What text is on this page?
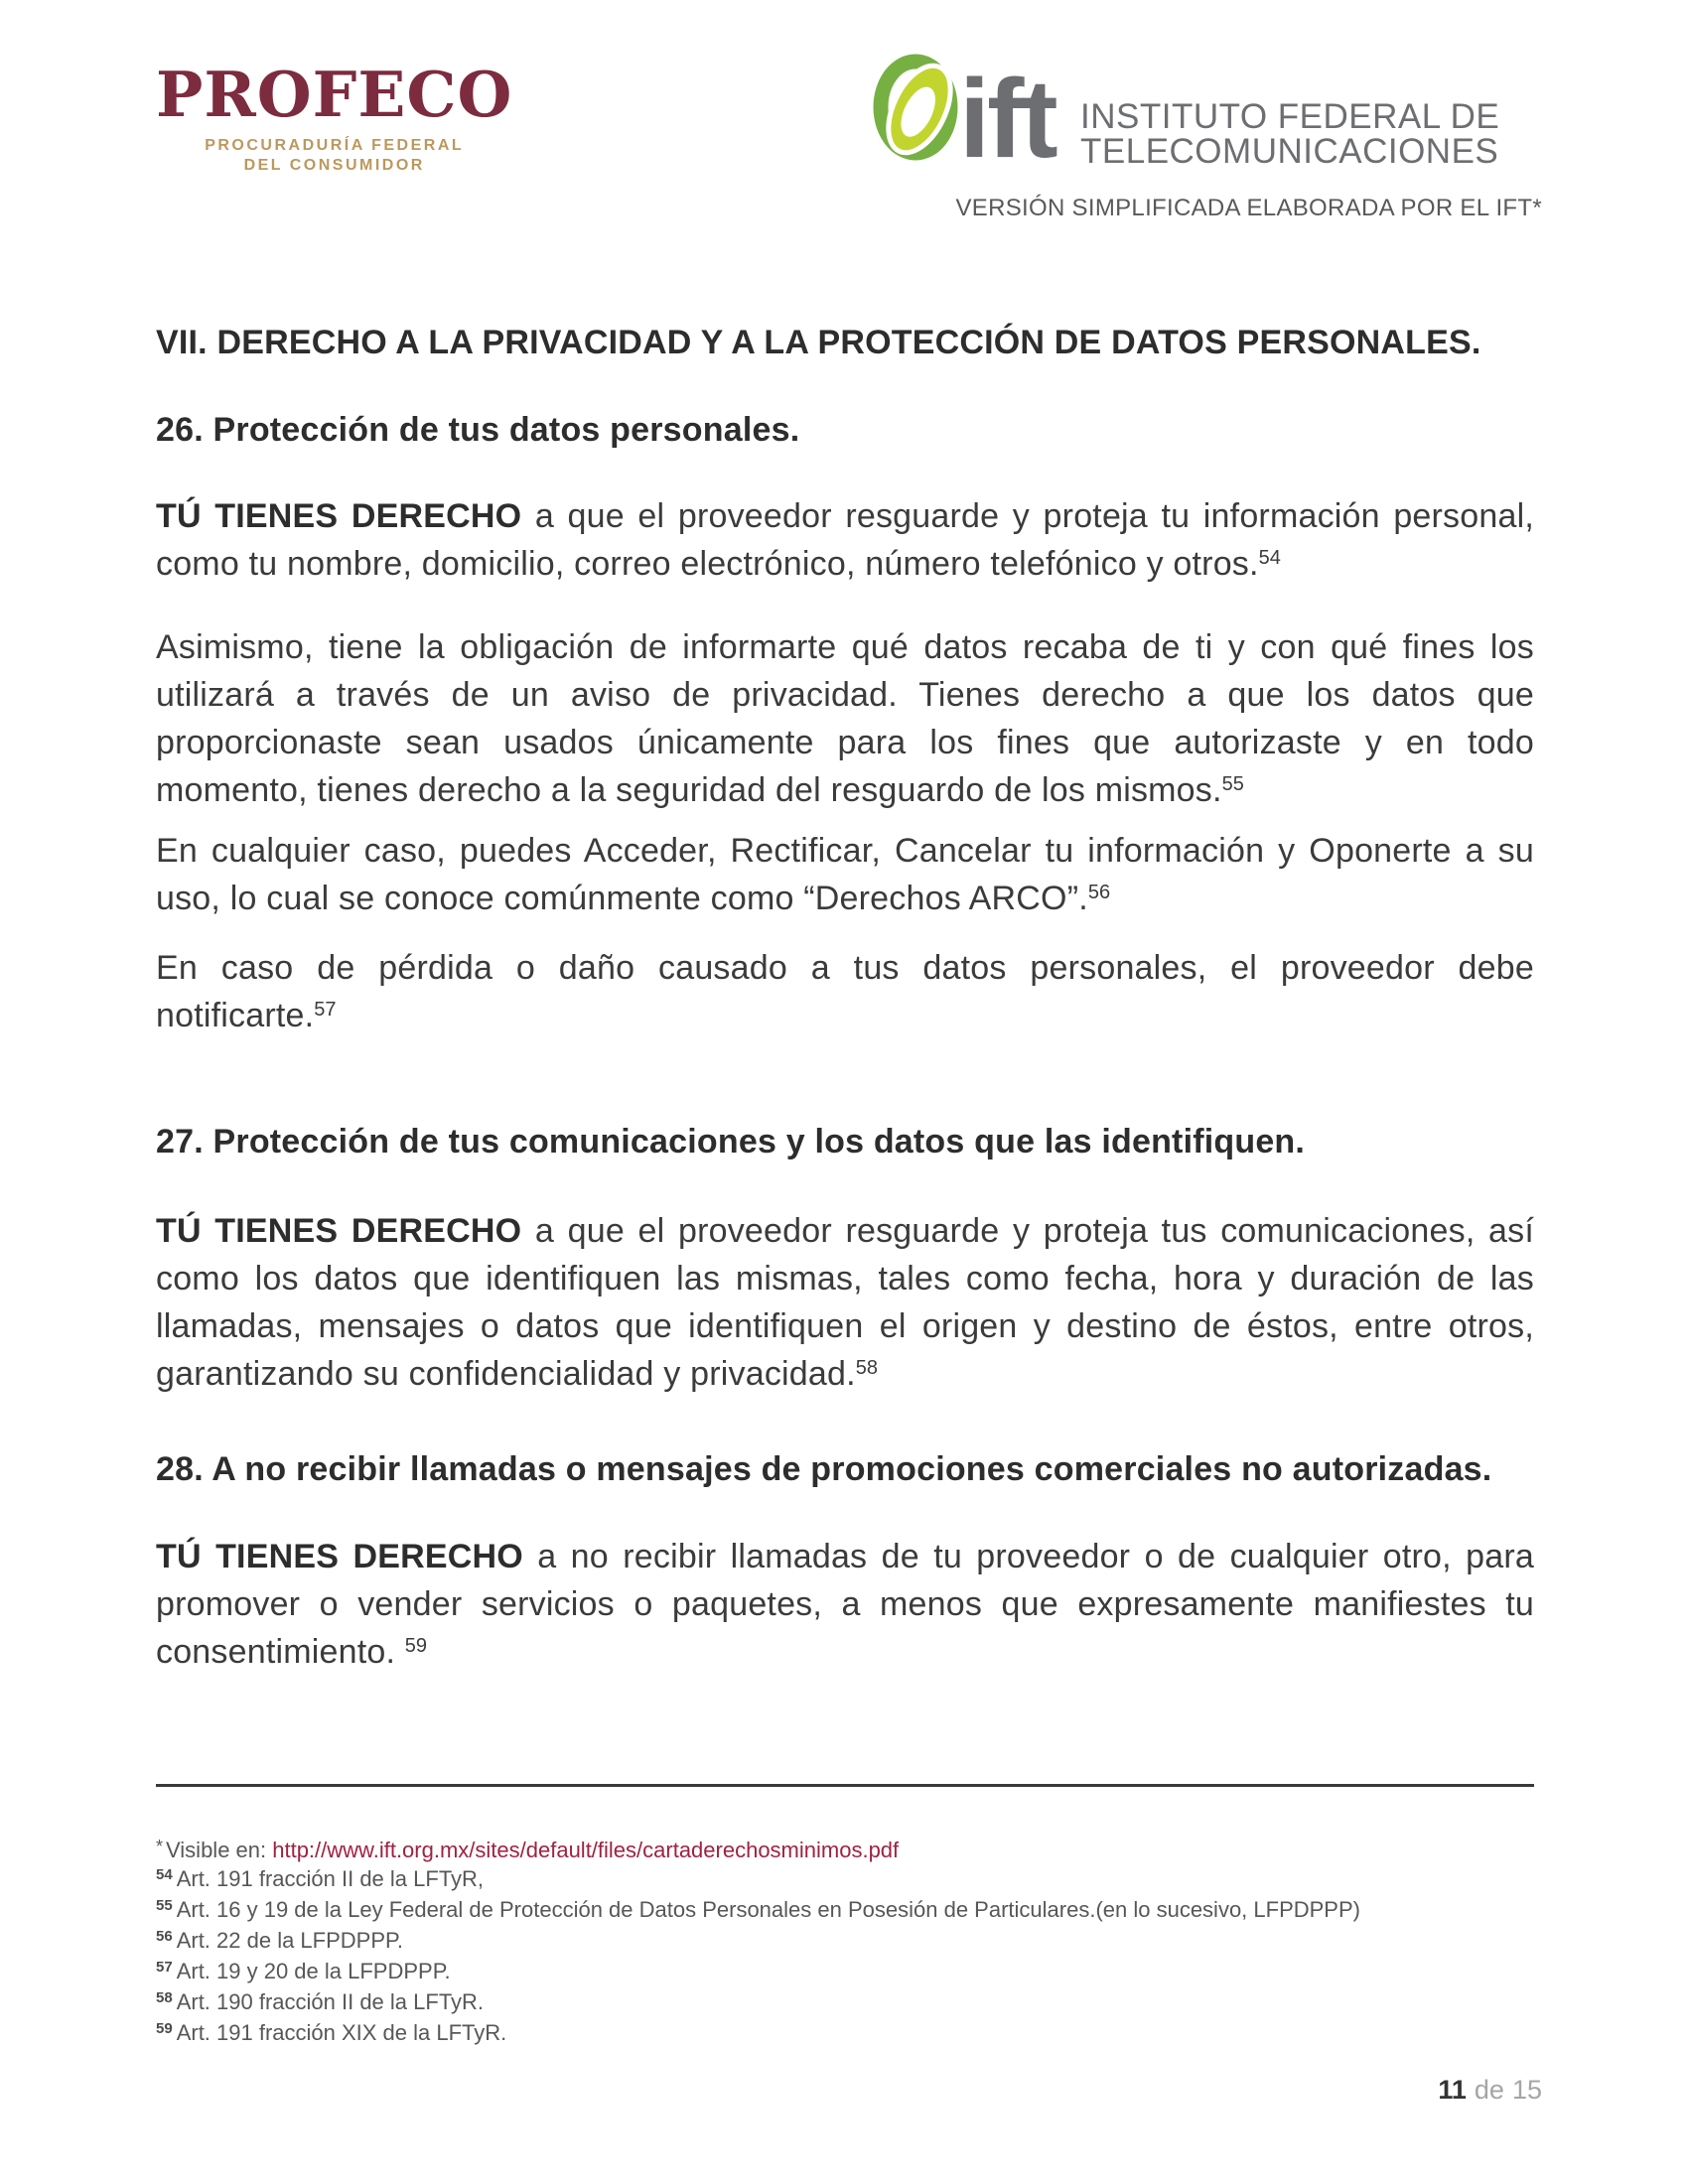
PROFECO
PROCURADURÍA FEDERAL
DEL CONSUMIDOR	ift INSTITUTO FEDERAL DE
TELECOMUNICACIONES
VERSIÓN SIMPLIFICADA ELABORADA POR EL IFT*
VII. DERECHO A LA PRIVACIDAD Y A LA PROTECCIÓN DE DATOS PERSONALES.
26. Protección de tus datos personales.

TÚ TIENES DERECHO a que el proveedor resguarde y proteja tu información personal, como tu nombre, domicilio, correo electrónico, número telefónico y otros.$^{54}$

Asimismo, tiene la obligación de informarte qué datos recaba de ti y con qué fines los utilizará a través de un aviso de privacidad. Tienes derecho a que los datos que proporcionaste sean usados únicamente para los fines que autorizaste y en todo momento, tienes derecho a la seguridad del resguardo de los mismos.$^{55}$

En cualquier caso, puedes Acceder, Rectificar, Cancelar tu información y Oponerte a su uso, lo cual se conoce comúnmente como “Derechos ARCO”.$^{56}$

En caso de pérdida o daño causado a tus datos personales, el proveedor debe notificarte.$^{57}$

27. Protección de tus comunicaciones y los datos que las identifiquen.

TÚ TIENES DERECHO a que el proveedor resguarde y proteja tus comunicaciones, así como los datos que identifiquen las mismas, tales como fecha, hora y duración de las llamadas, mensajes o datos que identifiquen el origen y destino de éstos, entre otros, garantizando su confidencialidad y privacidad.$^{58}$

28. A no recibir llamadas o mensajes de promociones comerciales no autorizadas.

TÚ TIENES DERECHO a no recibir llamadas de tu proveedor o de cualquier otro, para promover o vender servicios o paquetes, a menos que expresamente manifiestes tu consentimiento. $^{59}$

* Visible en: http://www.ift.org.mx/sites/default/files/cartaderechosminimos.pdf
$^{54}$ Art. 191 fracción II de la LFTyR,
$^{55}$ Art. 16 y 19 de la Ley Federal de Protección de Datos Personales en Posesión de Particulares.(en lo sucesivo, LFPDPPP)
$^{56}$ Art. 22 de la LFPDPPP.
$^{57}$ Art. 19 y 20 de la LFPDPPP.
$^{58}$ Art. 190 fracción II de la LFTyR.
$^{59}$ Art. 191 fracción XIX de la LFTyR.
11 de 15
